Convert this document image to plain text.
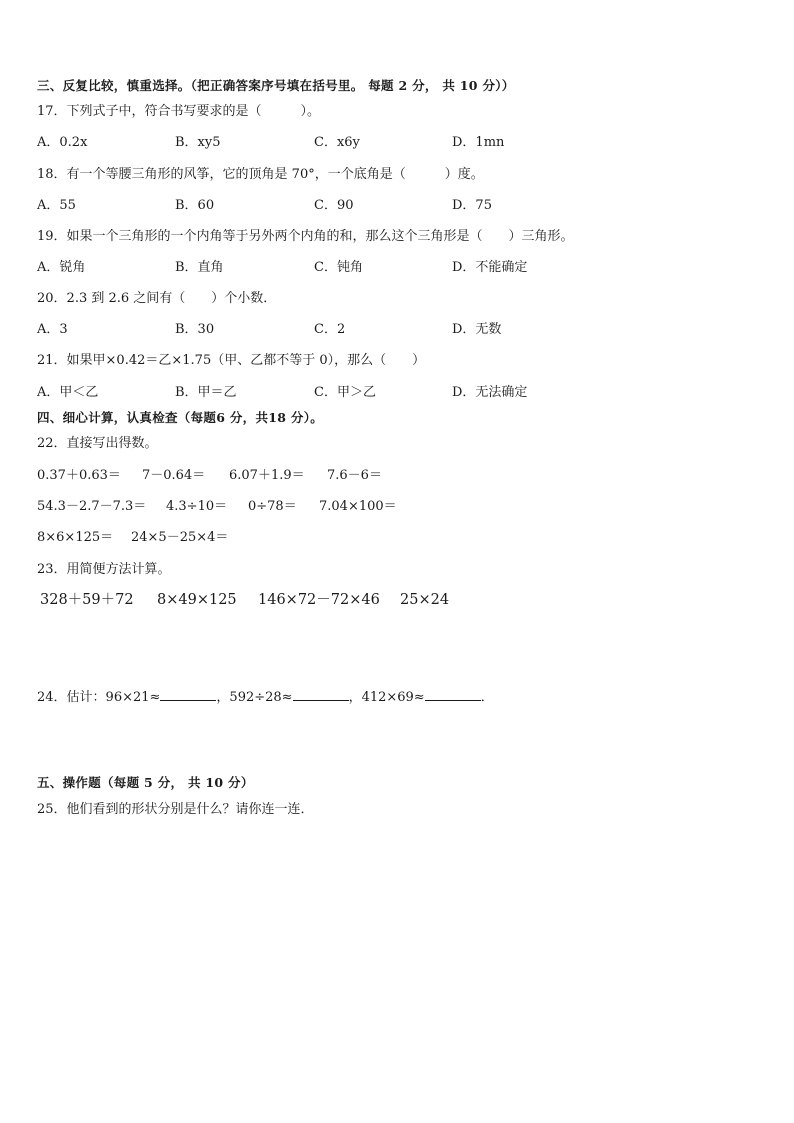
三、反复比较，慎重选择。（把正确答案序号填在括号里。 每题 2 分， 共 10 分））
17．下列式子中，符合书写要求的是（　　　）。
A．0.2x	B．xy5	C．x6y	D．1mn
18．有一个等腰三角形的风筝，它的顶角是 70°，一个底角是（　　　）度。
A．55	B．60	C．90	D．75
19．如果一个三角形的一个内角等于另外两个内角的和，那么这个三角形是（　　）三角形。
A．锐角	B．直角	C．钝角	D．不能确定
20．2.3 到 2.6 之间有（　　）个小数．
A．3	B．30	C．2	D．无数
21．如果甲×0.42＝乙×1.75（甲、乙都不等于 0），那么（　　）
A．甲＜乙	B．甲＝乙	C．甲＞乙	D．无法确定
四、细心计算，认真检查（每题6 分，共18 分）。
22．直接写出得数。
0.37＋0.63＝ 7－0.64＝ 6.07＋1.9＝ 7.6－6＝
54.3－2.7－7.3＝ 4.3÷10＝ 0÷78＝ 7.04×100＝
8×6×125＝ 24×5－25×4＝
23．用简便方法计算。
328＋59＋72 8×49×125 146×72－72×46 25×24
24．估计：96×21≈	，592÷28≈	，412×69≈	．
五、操作题（每题 5 分， 共 10 分）
25．他们看到的形状分别是什么？请你连一连．
